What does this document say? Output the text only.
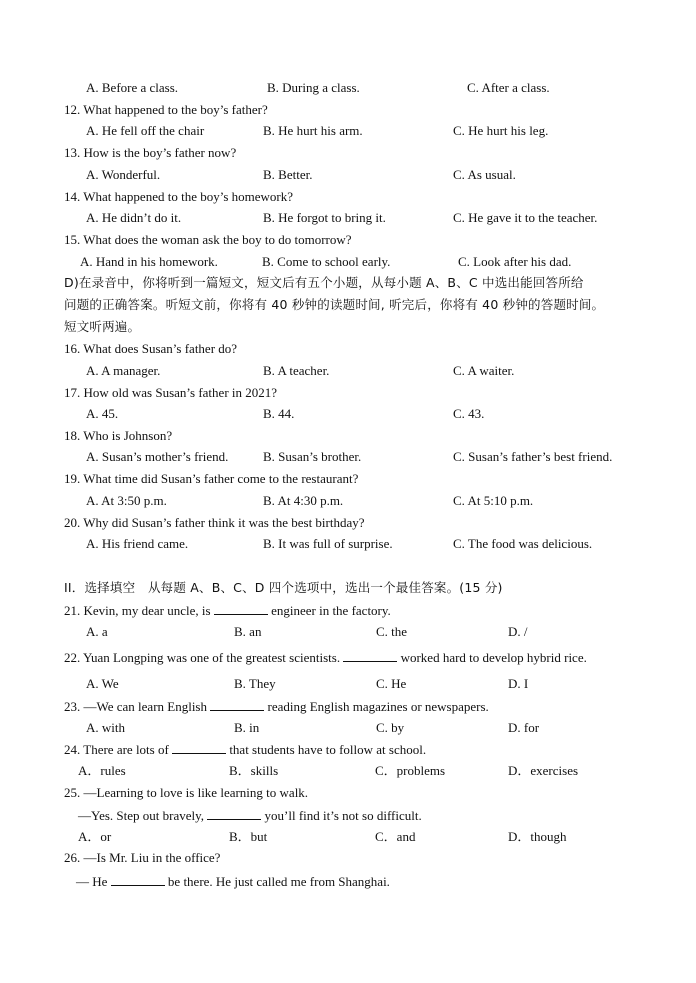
A. Before a class.	B. During a class.	C. After a class.
12. What happened to the boy’s father?
A. He fell off the chair	B. He hurt his arm.	C. He hurt his leg.
13. How is the boy’s father now?
A. Wonderful.	B. Better.	C. As usual.
14. What happened to the boy’s homework?
A. He didn’t do it.	B. He forgot to bring it.	C. He gave it to the teacher.
15. What does the woman ask the boy to do tomorrow?
A. Hand in his homework.	B. Come to school early.	C. Look after his dad.
D)在录音中，你将听到一篇短文，短文后有五个小题，从每小题 A、B、C 中选出能回答所给
问题的正确答案。听短文前，你将有 40 秒钟的读题时间, 听完后，你将有 40 秒钟的答题时间。
短文听两遍。
16. What does Susan’s father do?
A. A manager.	B. A teacher.	C. A waiter.
17. How old was Susan’s father in 2021?
A. 45.	B. 44.	C. 43.
18. Who is Johnson?
A. Susan’s mother’s friend.	B. Susan’s brother.	C. Susan’s father’s best friend.
19. What time did Susan’s father come to the restaurant?
A. At 3:50 p.m.	B. At 4:30 p.m.	C. At 5:10 p.m.
20. Why did Susan’s father think it was the best birthday?
A. His friend came.	B. It was full of surprise.	C. The food was delicious.
II．选择填空　从每题 A、B、C、D 四个选项中，选出一个最佳答案。(15 分)
21. Kevin, my dear uncle, is	engineer in the factory.
A. a	B. an	C. the	D. /
22. Yuan Longping was one of the greatest scientists.	worked hard to develop hybrid rice.
A. We	B. They	C. He	D. I
23. —We can learn English	reading English magazines or newspapers.
A. with	B. in	C. by	D. for
24. There are lots of	that students have to follow at school.
A．rules	B．skills	C．problems	D．exercises
25. —Learning to love is like learning to walk.
—Yes. Step out bravely,	you’ll find it’s not so difficult.
A．or	B．but	C．and	D．though
26. —Is Mr. Liu in the office?
— He	be there. He just called me from Shanghai.
